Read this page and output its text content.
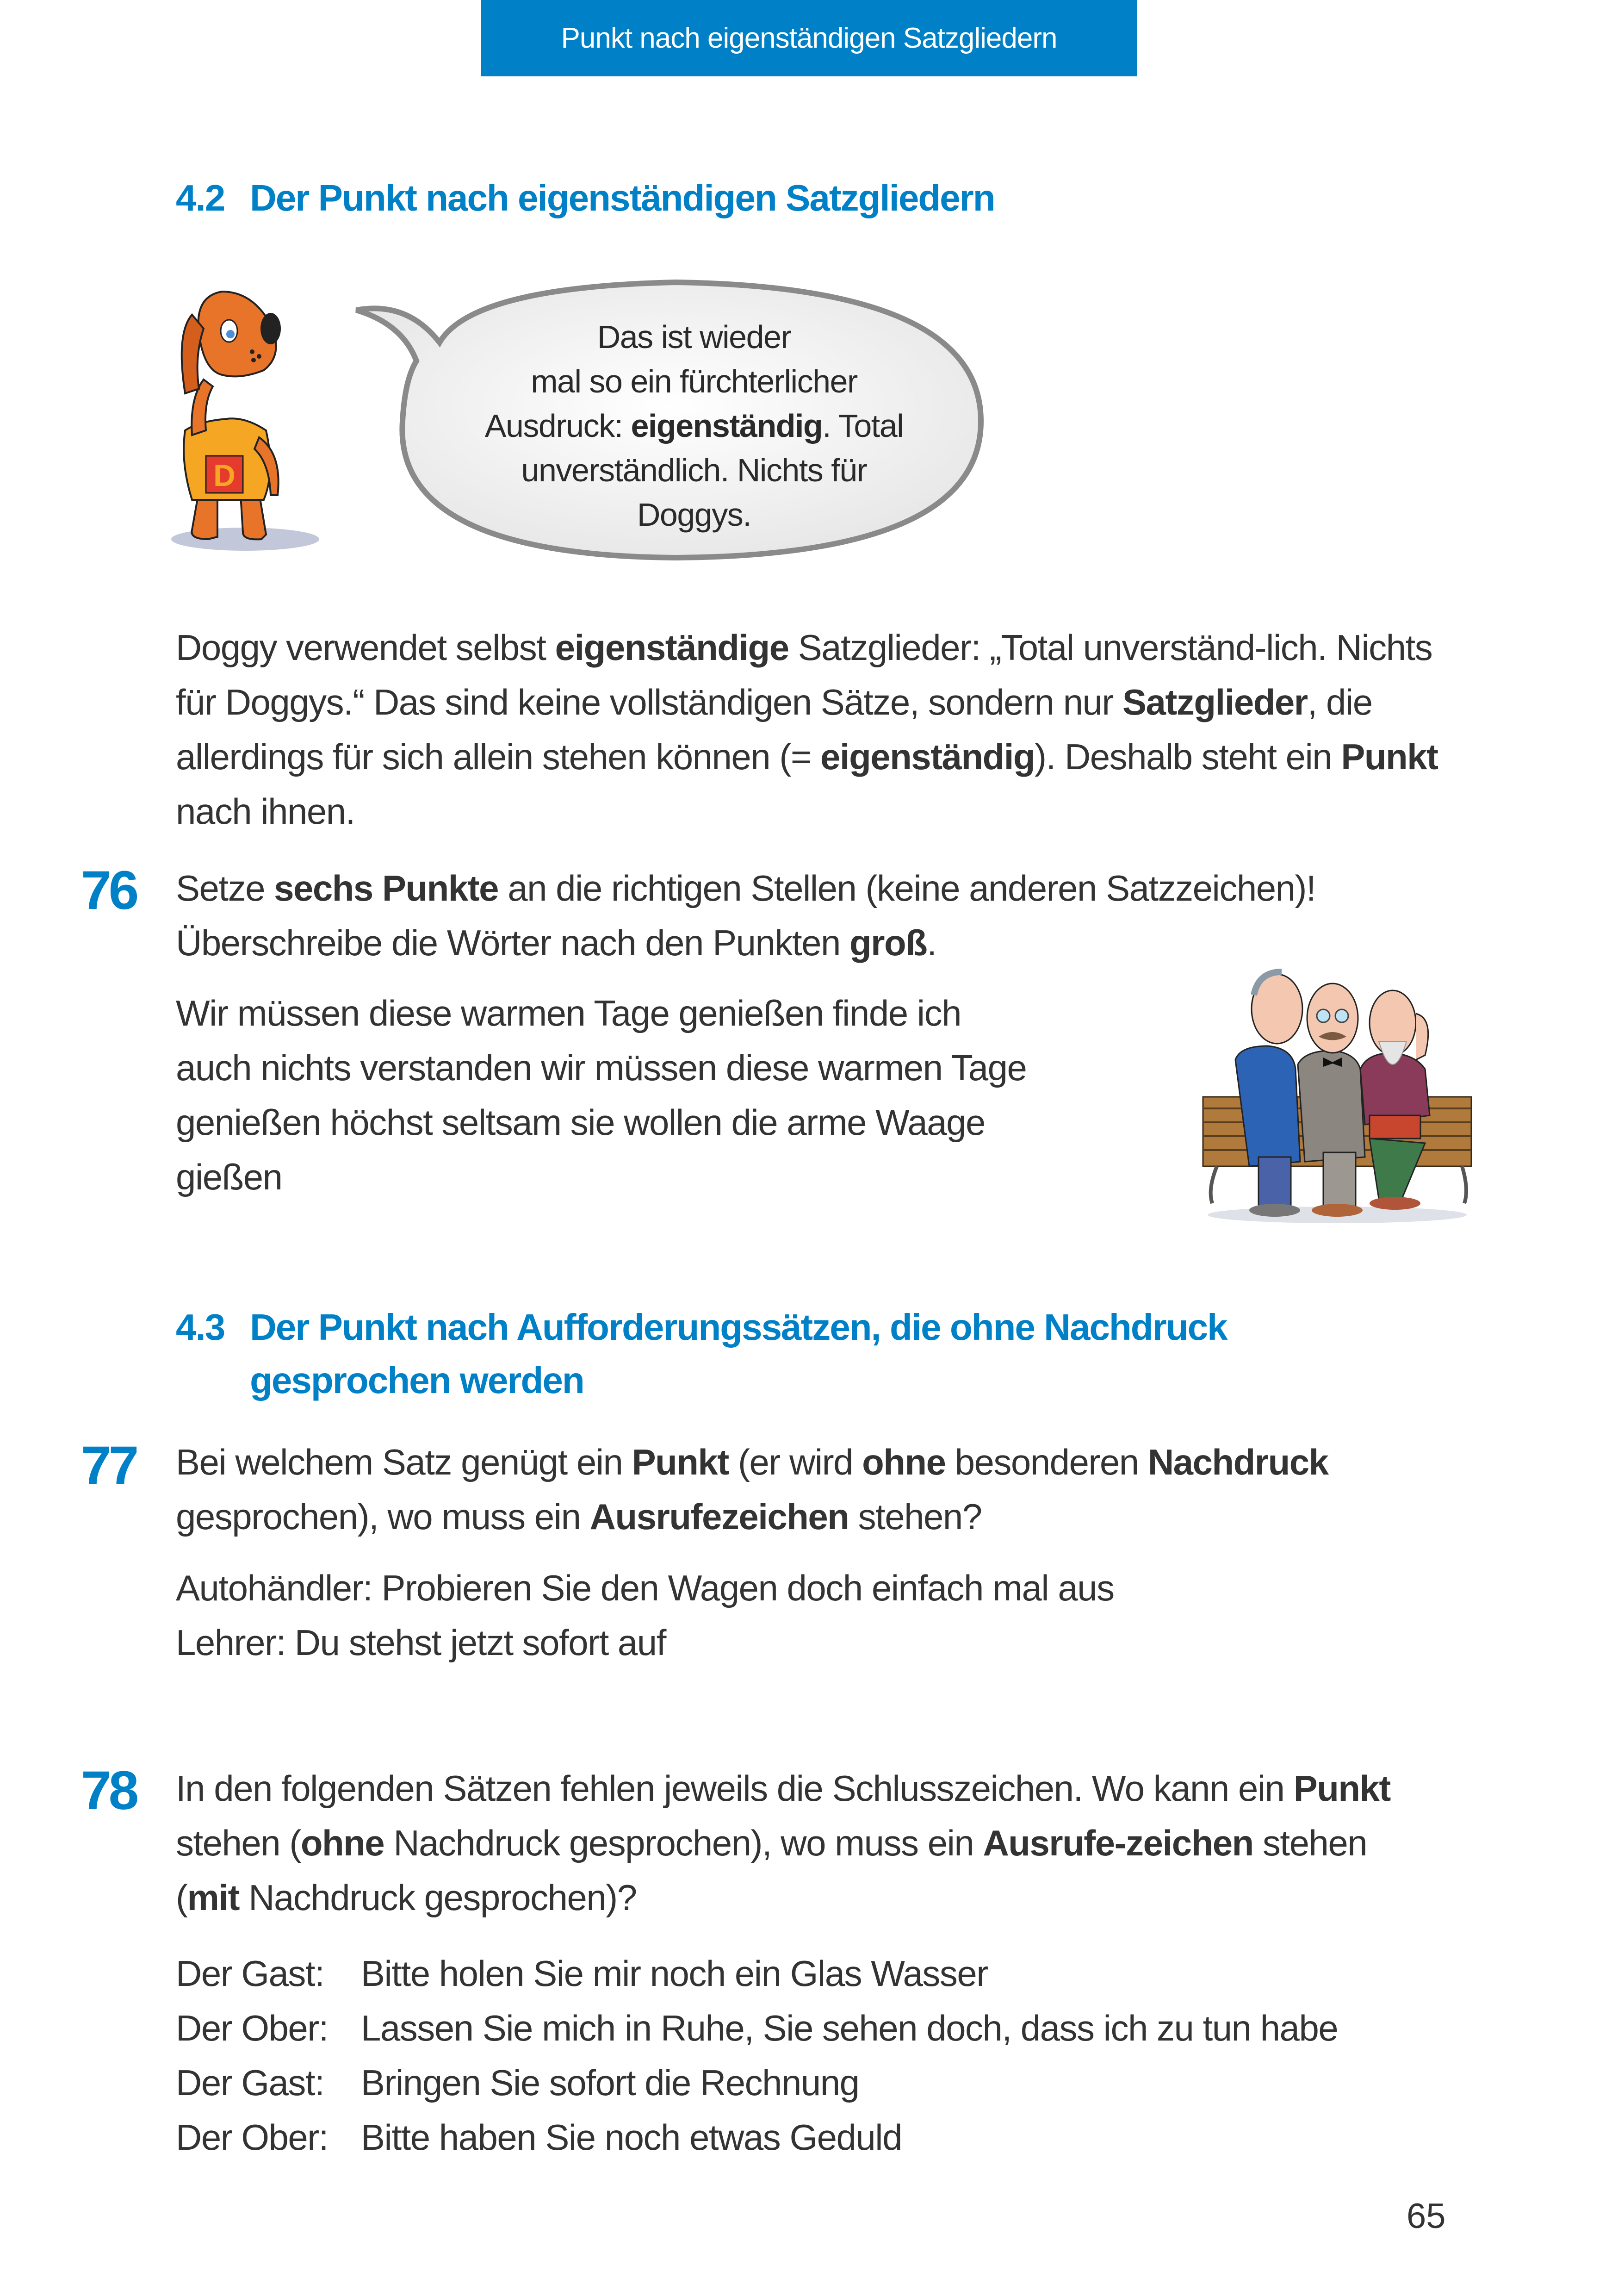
Punkt nach eigenständigen Satzgliedern
4.2 Der Punkt nach eigenständigen Satzgliedern
D
Das ist wieder
mal so ein fürchterlicher
Ausdruck: eigenständig. Total
unverständlich. Nichts für
Doggys.
Doggy verwendet selbst eigenständige Satzglieder: „Total unverständ-lich. Nichts für Doggys.“ Das sind keine vollständigen Sätze, sondern nur Satzglieder, die allerdings für sich allein stehen können (= eigenständig). Deshalb steht ein Punkt nach ihnen.
76 Setze sechs Punkte an die richtigen Stellen (keine anderen Satzzeichen)! Überschreibe die Wörter nach den Punkten groß.
Wir müssen diese warmen Tage genießen finde ich
auch nichts verstanden wir müssen diese warmen Tage
genießen höchst seltsam sie wollen die arme Waage
gießen
4.3 Der Punkt nach Aufforderungssätzen, die ohne Nachdruck
gesprochen werden
77 Bei welchem Satz genügt ein Punkt (er wird ohne besonderen Nachdruck gesprochen), wo muss ein Ausrufezeichen stehen?
Autohändler: Probieren Sie den Wagen doch einfach mal aus
Lehrer: Du stehst jetzt sofort auf
78 In den folgenden Sätzen fehlen jeweils die Schlusszeichen. Wo kann ein Punkt stehen (ohne Nachdruck gesprochen), wo muss ein Ausrufe-zeichen stehen (mit Nachdruck gesprochen)?
Der Gast:	Bitte holen Sie mir noch ein Glas Wasser
Der Ober: Lassen Sie mich in Ruhe, Sie sehen doch, dass ich zu tun habe
Der Gast:	Bringen Sie sofort die Rechnung
Der Ober: Bitte haben Sie noch etwas Geduld
65
